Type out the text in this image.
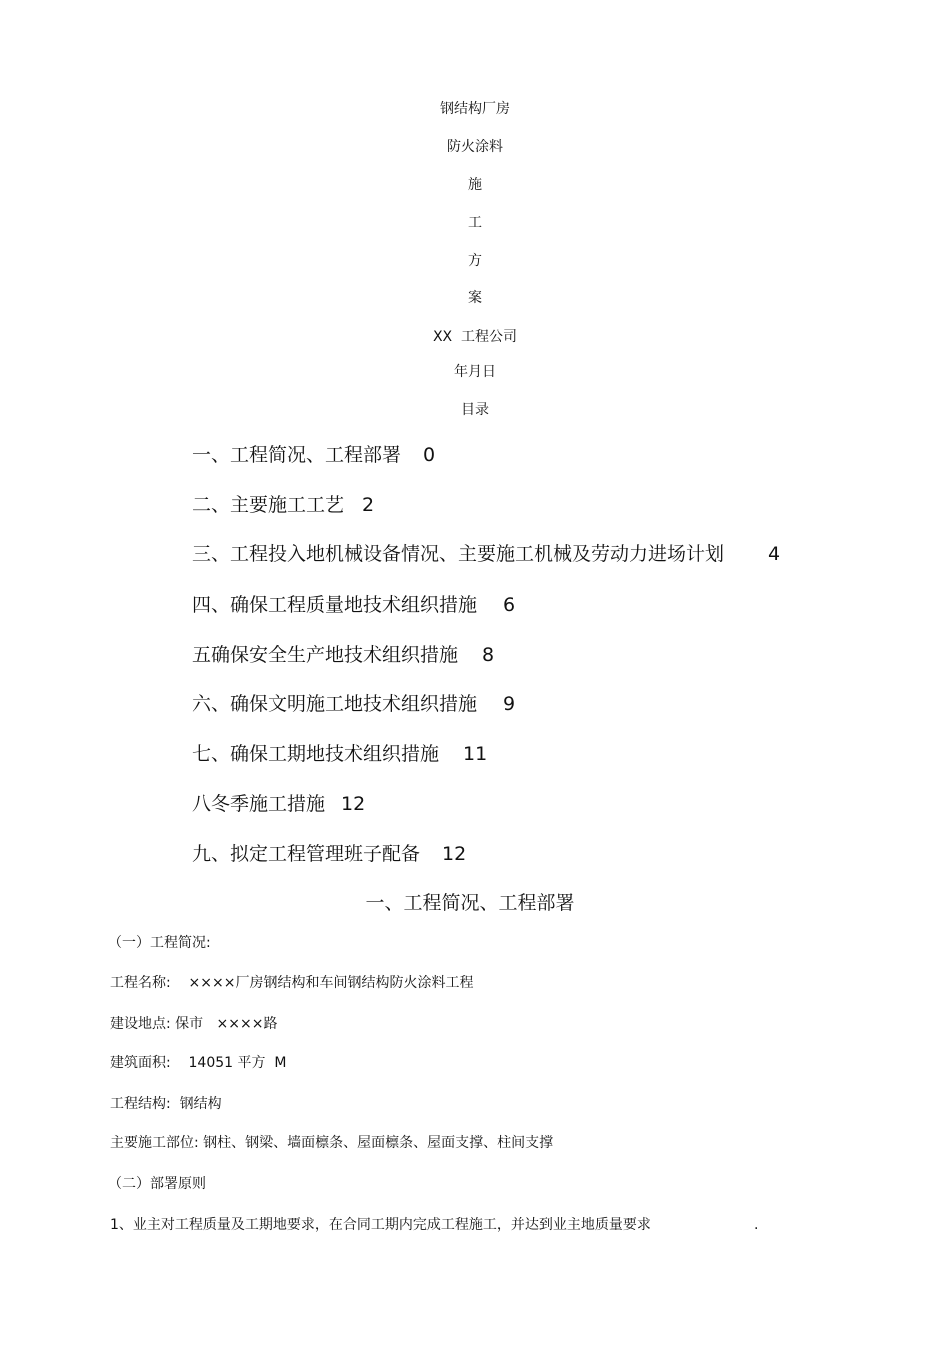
钢结构厂房
防火涂料
施
工
方
案
XX  工程公司
年月日
目录
一、工程简况、工程部署 0
二、主要施工工艺 2
三、工程投入地机械设备情况、主要施工机械及劳动力进场计划 4
四、确保工程质量地技术组织措施 6
五确保安全生产地技术组织措施 8
六、确保文明施工地技术组织措施 9
七、确保工期地技术组织措施 11
八冬季施工措施 12
九、拟定工程管理班子配备 12
一、工程简况、工程部署
（一）工程简况:
工程名称:    ××××厂房钢结构和车间钢结构防火涂料工程
建设地点: 保市   ××××路
建筑面积:    14051 平方  M
工程结构:  钢结构
主要施工部位: 钢柱、钢梁、墙面檩条、屋面檩条、屋面支撑、柱间支撑
（二）部署原则
1、业主对工程质量及工期地要求，在合同工期内完成工程施工，并达到业主地质量要求	.
